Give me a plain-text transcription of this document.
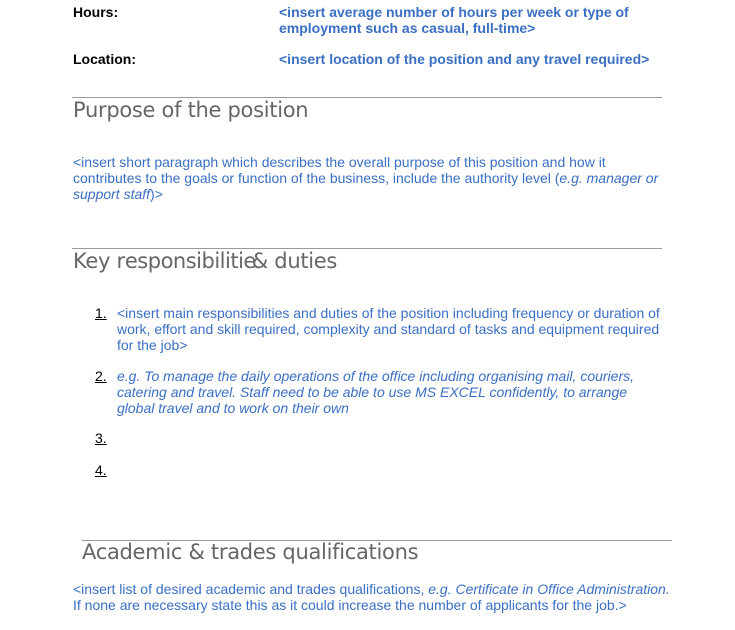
Hours:	<insert average number of hours per week or type of
employment such as casual, full-time>
Location:	<insert location of the position and any travel required>
Purpose of the position
<insert short paragraph which describes the overall purpose of this position and how it contributes to the goals or function of the business, include the authority level (e.g. manager or support staff)>
Key responsibilitie& duties
1. <insert main responsibilities and duties of the position including frequency or duration of work, effort and skill required, complexity and standard of tasks and equipment required for the job>
2. e.g. To manage the daily operations of the office including organising mail, couriers, catering and travel. Staff need to be able to use MS EXCEL confidently, to arrange global travel and to work on their own
3.
4.
Academic & trades qualifications
<insert list of desired academic and trades qualifications, e.g. Certificate in Office Administration. If none are necessary state this as it could increase the number of applicants for the job.>
